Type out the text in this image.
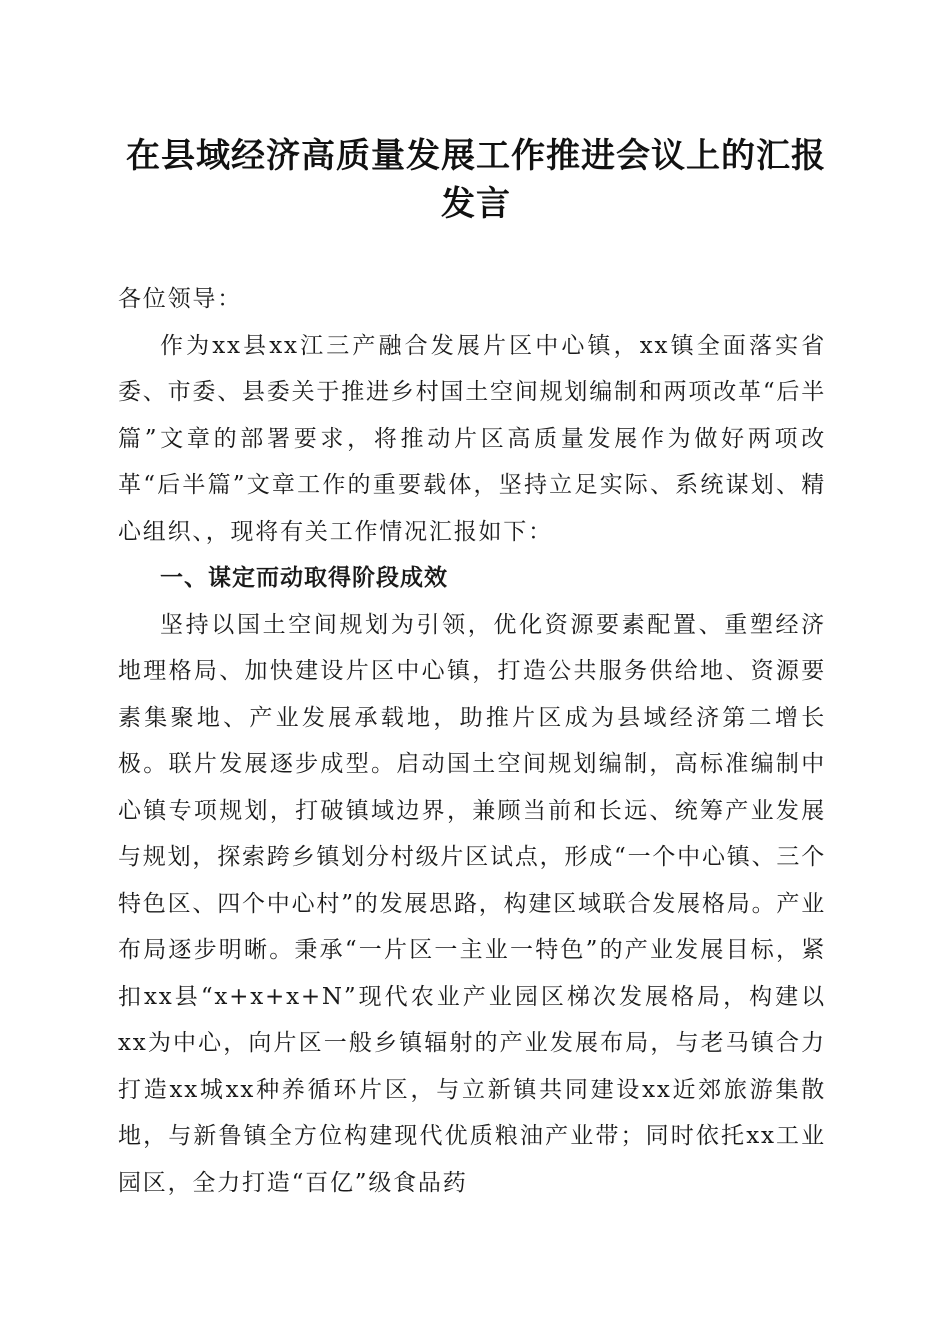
在县域经济高质量发展工作推进会议上的汇报发言

各位领导：

作为xx县xx江三产融合发展片区中心镇，xx镇全面落实省委、市委、县委关于推进乡村国土空间规划编制和两项改革“后半篇”文章的部署要求，将推动片区高质量发展作为做好两项改革“后半篇”文章工作的重要载体，坚持立足实际、系统谋划、精心组织、，现将有关工作情况汇报如下：

一、谋定而动取得阶段成效

坚持以国土空间规划为引领，优化资源要素配置、重塑经济地理格局、加快建设片区中心镇，打造公共服务供给地、资源要素集聚地、产业发展承载地，助推片区成为县域经济第二增长极。联片发展逐步成型。启动国土空间规划编制，高标准编制中心镇专项规划，打破镇域边界，兼顾当前和长远、统筹产业发展与规划，探索跨乡镇划分村级片区试点，形成“一个中心镇、三个特色区、四个中心村”的发展思路，构建区域联合发展格局。产业布局逐步明晰。秉承“一片区一主业一特色”的产业发展目标，紧扣xx县“x+x+x+N”现代农业产业园区梯次发展格局，构建以xx为中心，向片区一般乡镇辐射的产业发展布局，与老马镇合力打造xx城xx种养循环片区，与立新镇共同建设xx近郊旅游集散地，与新鲁镇全方位构建现代优质粮油产业带；同时依托xx工业园区，全力打造“百亿”级食品药
